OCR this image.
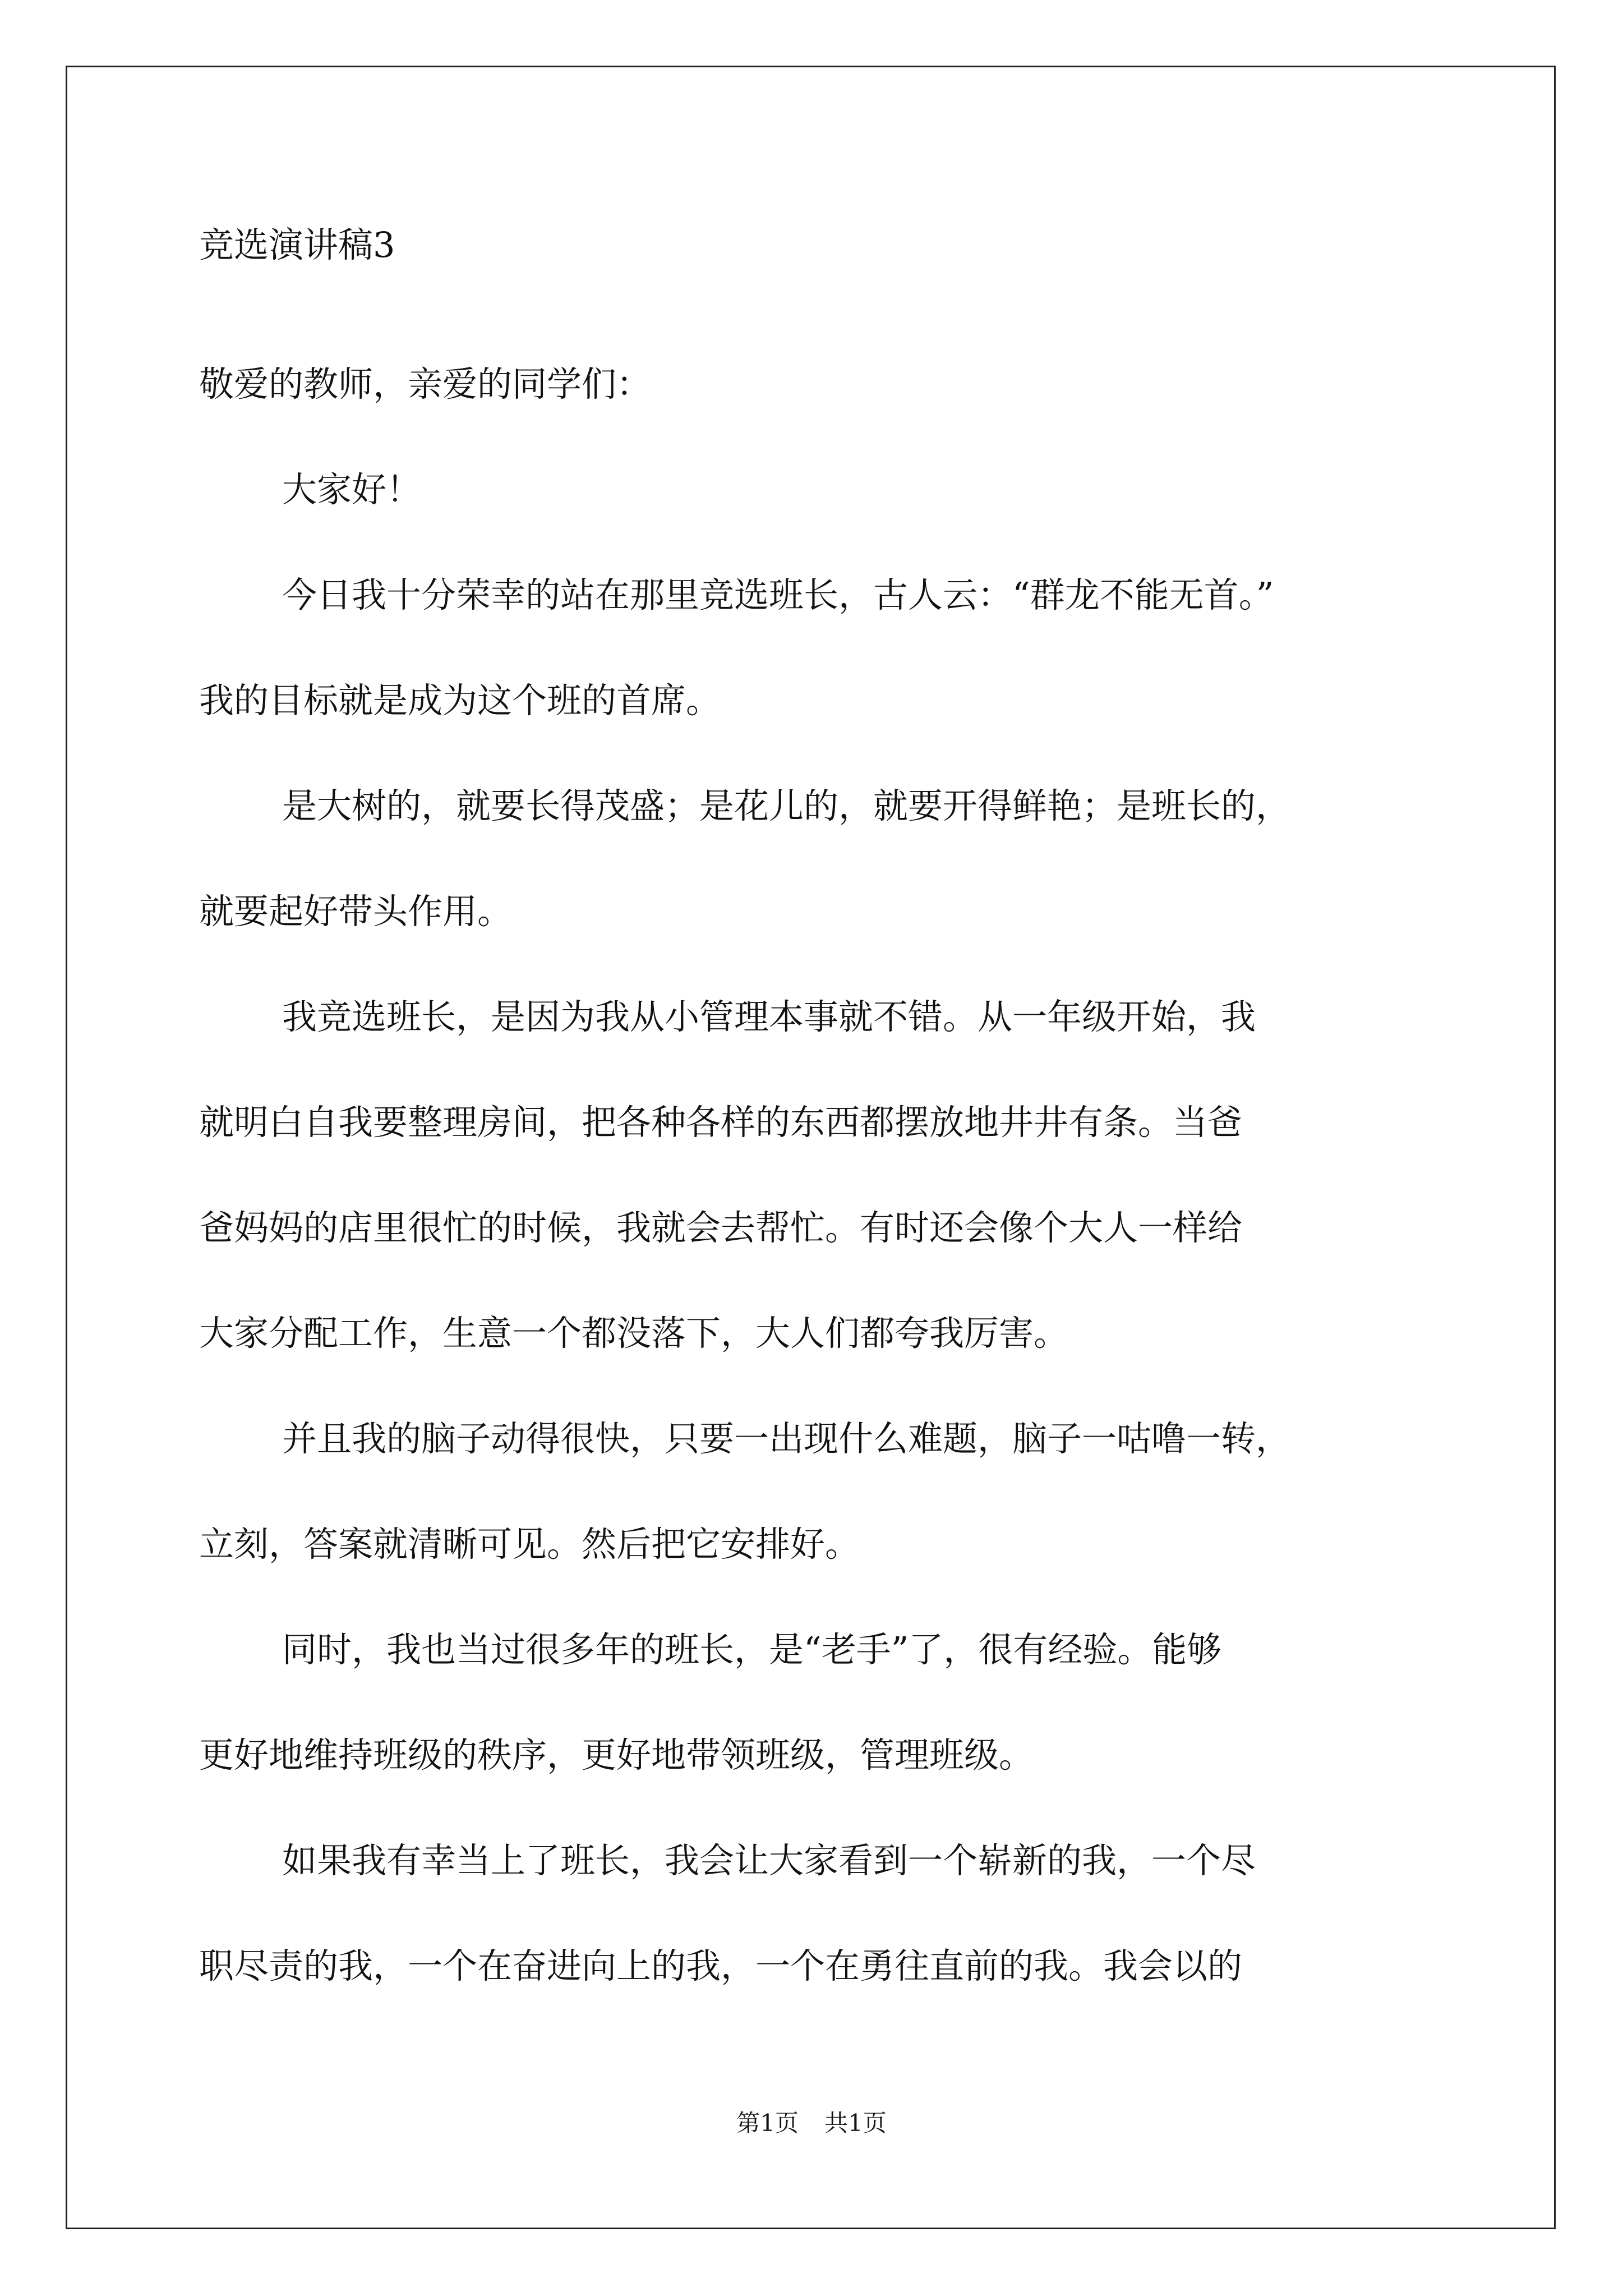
竞选演讲稿3

敬爱的教师，亲爱的同学们：

大家好！

今日我十分荣幸的站在那里竞选班长，古人云：“群龙不能无首。”
我的目标就是成为这个班的首席。

是大树的，就要长得茂盛；是花儿的，就要开得鲜艳；是班长的，
就要起好带头作用。

我竞选班长，是因为我从小管理本事就不错。从一年级开始，我
就明白自我要整理房间，把各种各样的东西都摆放地井井有条。当爸
爸妈妈的店里很忙的时候，我就会去帮忙。有时还会像个大人一样给
大家分配工作，生意一个都没落下，大人们都夸我厉害。

并且我的脑子动得很快，只要一出现什么难题，脑子一咕噜一转，
立刻，答案就清晰可见。然后把它安排好。

同时，我也当过很多年的班长，是“老手”了，很有经验。能够
更好地维持班级的秩序，更好地带领班级，管理班级。

如果我有幸当上了班长，我会让大家看到一个崭新的我，一个尽
职尽责的我，一个在奋进向上的我，一个在勇往直前的我。我会以的

第1页 共1页
